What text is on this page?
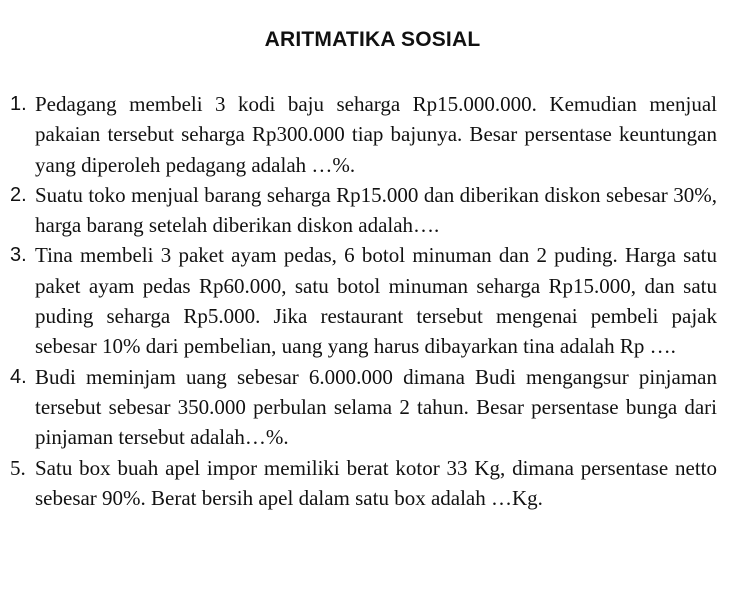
ARITMATIKA SOSIAL
1. Pedagang membeli 3 kodi baju seharga Rp15.000.000. Kemudian menjual pakaian tersebut seharga Rp300.000 tiap bajunya. Besar persentase keuntungan yang diperoleh pedagang adalah …%.

2. Suatu toko menjual barang seharga Rp15.000 dan diberikan diskon sebesar 30%, harga barang setelah diberikan diskon adalah….

3. Tina membeli 3 paket ayam pedas, 6 botol minuman dan 2 puding. Harga satu paket ayam pedas Rp60.000, satu botol minuman seharga Rp15.000, dan satu puding seharga Rp5.000. Jika restaurant tersebut mengenai pembeli pajak sebesar 10% dari pembelian, uang yang harus dibayarkan tina adalah Rp ….

4. Budi meminjam uang sebesar 6.000.000 dimana Budi mengangsur pinjaman tersebut sebesar 350.000 perbulan selama 2 tahun. Besar persentase bunga dari pinjaman tersebut adalah…%.

5. Satu box buah apel impor memiliki berat kotor 33 Kg, dimana persentase netto sebesar 90%. Berat bersih apel dalam satu box adalah …Kg.
